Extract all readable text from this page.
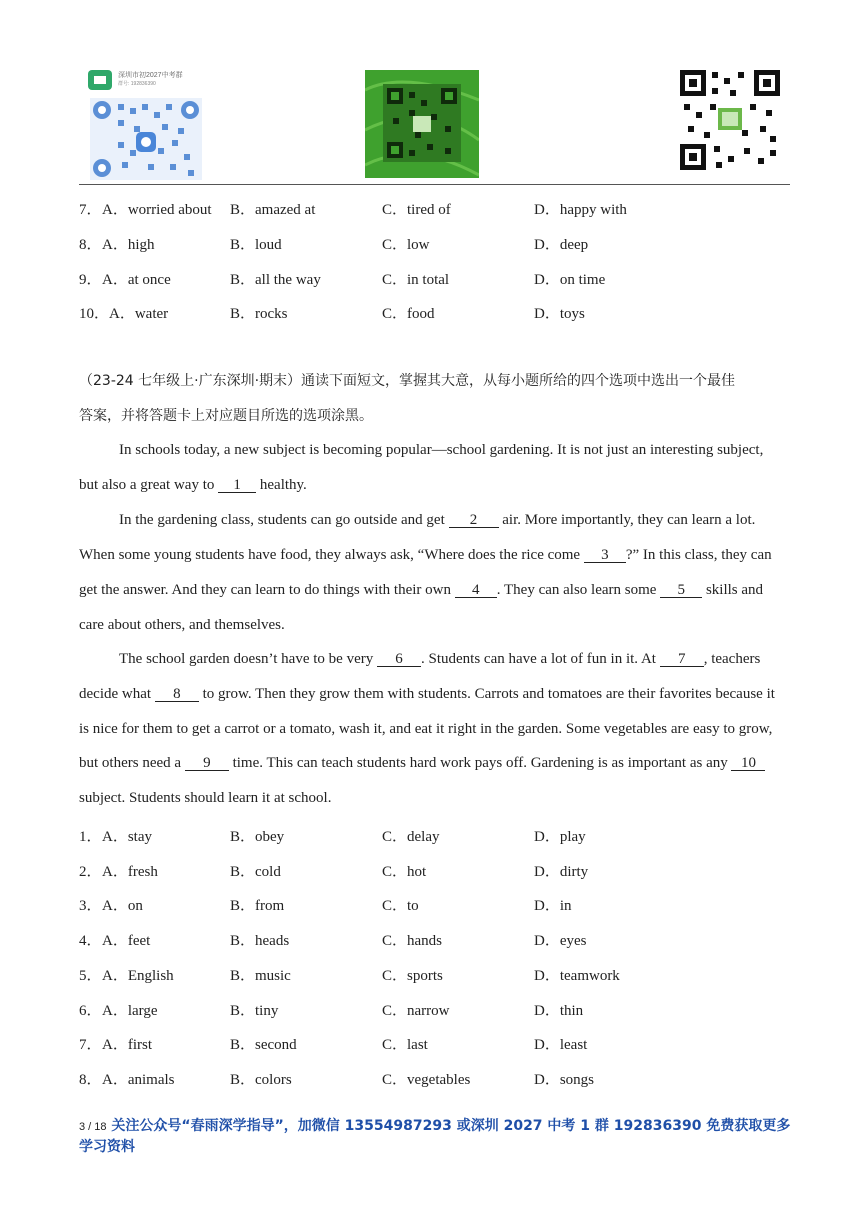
深圳市初2027中考群
群号: 192836390
7． A．worried about B．amazed at	C．tired of	D．happy with
8． A．high	B．loud	C．low	D．deep
9． A．at once	B．all the way	C．in total	D．on time
10． A．water	B．rocks	C．food	D．toys
（23-24 七年级上·广东深圳·期末）通读下面短文，掌握其大意，从每小题所给的四个选项中选出一个最佳
答案，并将答题卡上对应题目所选的选项涂黑。
In schools today, a new subject is becoming popular—school gardening. It is not just an interesting subject,
but also a great way to 1 healthy.
In the gardening class, students can go outside and get 2 air. More importantly, they can learn a lot.
When some young students have food, they always ask, “Where does the rice come 3 ?” In this class, they can
get the answer. And they can learn to do things with their own 4 . They can also learn some 5 skills and
care about others, and themselves.
The school garden doesn’t have to be very 6 . Students can have a lot of fun in it. At 7 , teachers
decide what 8 to grow. Then they grow them with students. Carrots and tomatoes are their favorites because it
is nice for them to get a carrot or a tomato, wash it, and eat it right in the garden. Some vegetables are easy to grow,
but others need a 9 time. This can teach students hard work pays off. Gardening is as important as any 10
subject. Students should learn it at school.
1． A．stay	B．obey	C．delay	D．play
2． A．fresh	B．cold	C．hot	D．dirty
3． A．on	B．from	C．to	D．in
4． A．feet	B．heads	C．hands	D．eyes
5． A．English	B．music	C．sports	D．teamwork
6． A．large	B．tiny	C．narrow	D．thin
7． A．first	B．second	C．last	D．least
8． A．animals	B．colors	C．vegetables	D．songs
3 / 18 关注公众号“春雨深学指导”，加微信 13554987293 或深圳 2027 中考 1 群 192836390 免费获取更多
学习资料
